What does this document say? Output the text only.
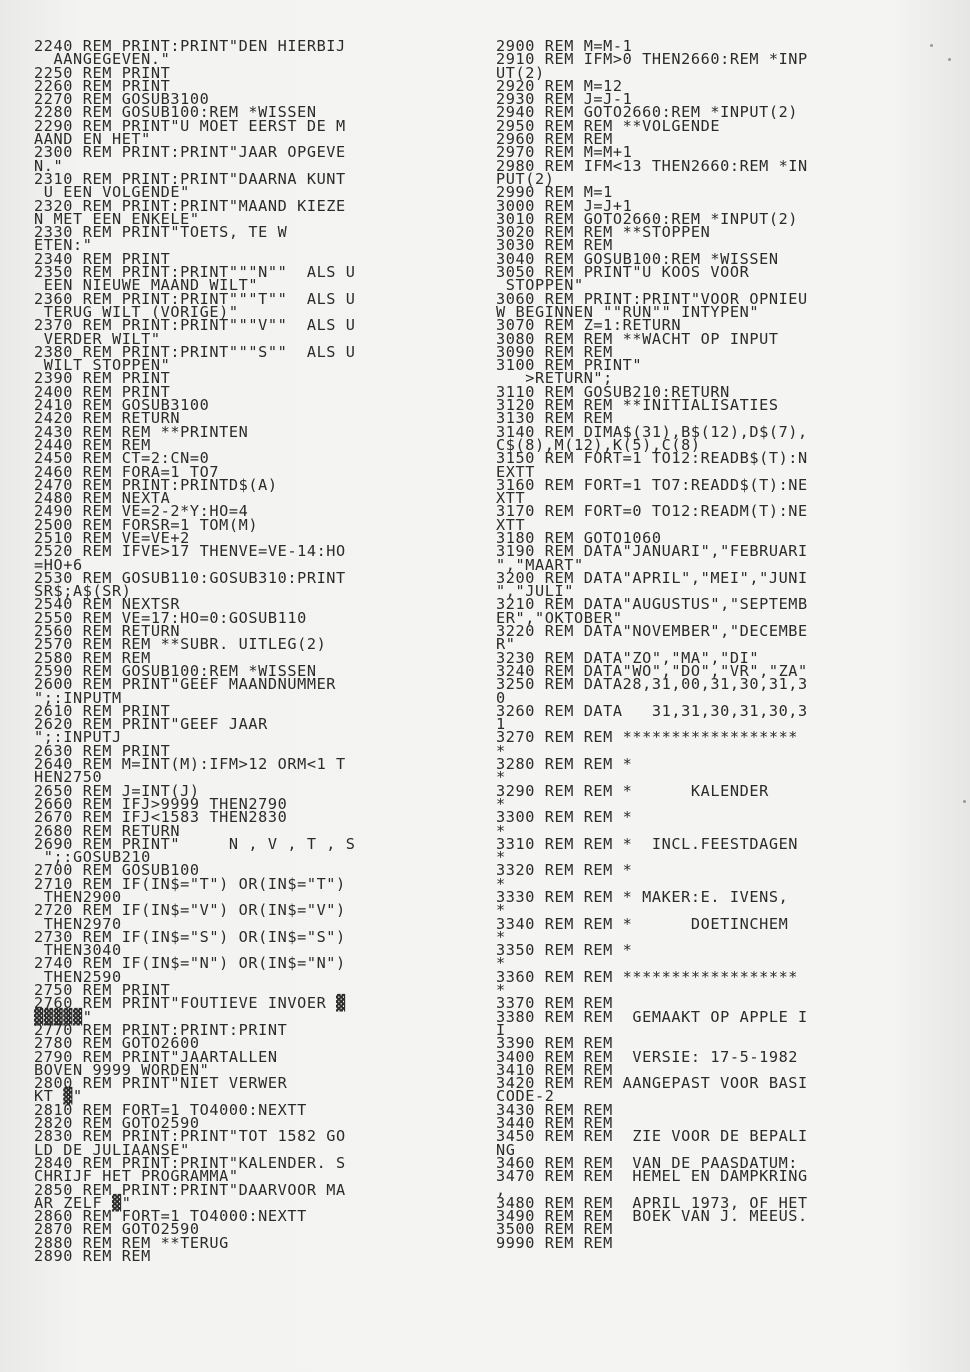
2240 REM PRINT:PRINT"DEN HIERBIJ
AANGEGEVEN."
2250 REM PRINT
2260 REM PRINT
2270 REM GOSUB3100
2280 REM GOSUB100:REM *WISSEN
2290 REM PRINT"U MOET EERST DE M
AAND EN HET"
2300 REM PRINT:PRINT"JAAR OPGEVE
N."
2310 REM PRINT:PRINT"DAARNA KUNT
U EEN VOLGENDE"
2320 REM PRINT:PRINT"MAAND KIEZE
N MET EEN ENKELE"
2330 REM PRINT"TOETS, TE W
ETEN:"
2340 REM PRINT
2350 REM PRINT:PRINT"""N""  ALS U
EEN NIEUWE MAAND WILT"
2360 REM PRINT:PRINT"""T""  ALS U
TERUG WILT (VORIGE)"
2370 REM PRINT:PRINT"""V""  ALS U
VERDER WILT"
2380 REM PRINT:PRINT"""S""  ALS U
WILT STOPPEN"
2390 REM PRINT
2400 REM PRINT
2410 REM GOSUB3100
2420 REM RETURN
2430 REM REM **PRINTEN
2440 REM REM
2450 REM CT=2:CN=0
2460 REM FORA=1 TO7
2470 REM PRINT:PRINTD$(A)
2480 REM NEXTA
2490 REM VE=2-2*Y:HO=4
2500 REM FORSR=1 TOM(M)
2510 REM VE=VE+2
2520 REM IFVE>17 THENVE=VE-14:HO
=HO+6
2530 REM GOSUB110:GOSUB310:PRINT
SR$;A$(SR)
2540 REM NEXTSR
2550 REM VE=17:HO=0:GOSUB110
2560 REM RETURN
2570 REM REM **SUBR. UITLEG(2)
2580 REM REM
2590 REM GOSUB100:REM *WISSEN
2600 REM PRINT"GEEF MAANDNUMMER
";:INPUTM
2610 REM PRINT
2620 REM PRINT"GEEF JAAR
";:INPUTJ
2630 REM PRINT
2640 REM M=INT(M):IFM>12 ORM<1 T
HEN2750
2650 REM J=INT(J)
2660 REM IFJ>9999 THEN2790
2670 REM IFJ<1583 THEN2830
2680 REM RETURN
2690 REM PRINT"     N , V , T , S
";:GOSUB210
2700 REM GOSUB100
2710 REM IF(IN$="T") OR(IN$="T")
THEN2900
2720 REM IF(IN$="V") OR(IN$="V")
THEN2970
2730 REM IF(IN$="S") OR(IN$="S")
THEN3040
2740 REM IF(IN$="N") OR(IN$="N")
THEN2590
2750 REM PRINT
2760 REM PRINT"FOUTIEVE INVOER ▓
▓▓▓▓▓"
2770 REM PRINT:PRINT:PRINT
2780 REM GOTO2600
2790 REM PRINT"JAARTALLEN
BOVEN 9999 WORDEN"
2800 REM PRINT"NIET VERWER
KT ▓"
2810 REM FORT=1 TO4000:NEXTT
2820 REM GOTO2590
2830 REM PRINT:PRINT"TOT 1582 GO
LD DE JULIAANSE"
2840 REM PRINT:PRINT"KALENDER. S
CHRIJF HET PROGRAMMA"
2850 REM PRINT:PRINT"DAARVOOR MA
AR ZELF ▓"
2860 REM FORT=1 TO4000:NEXTT
2870 REM GOTO2590
2880 REM REM **TERUG
2890 REM REM
2900 REM M=M-1
2910 REM IFM>0 THEN2660:REM *INP
UT(2)
2920 REM M=12
2930 REM J=J-1
2940 REM GOTO2660:REM *INPUT(2)
2950 REM REM **VOLGENDE
2960 REM REM
2970 REM M=M+1
2980 REM IFM<13 THEN2660:REM *IN
PUT(2)
2990 REM M=1
3000 REM J=J+1
3010 REM GOTO2660:REM *INPUT(2)
3020 REM REM **STOPPEN
3030 REM REM
3040 REM GOSUB100:REM *WISSEN
3050 REM PRINT"U KOOS VOOR
STOPPEN"
3060 REM PRINT:PRINT"VOOR OPNIEU
W BEGINNEN ""RUN"" INTYPEN"
3070 REM Z=1:RETURN
3080 REM REM **WACHT OP INPUT
3090 REM REM
3100 REM PRINT"
>RETURN";
3110 REM GOSUB210:RETURN
3120 REM REM **INITIALISATIES
3130 REM REM
3140 REM DIMA$(31),B$(12),D$(7),
C$(8),M(12),K(5),C(8)
3150 REM FORT=1 TO12:READB$(T):N
EXTT
3160 REM FORT=1 TO7:READD$(T):NE
XTT
3170 REM FORT=0 TO12:READM(T):NE
XTT
3180 REM GOTO1060
3190 REM DATA"JANUARI","FEBRUARI
","MAART"
3200 REM DATA"APRIL","MEI","JUNI
","JULI"
3210 REM DATA"AUGUSTUS","SEPTEMB
ER","OKTOBER"
3220 REM DATA"NOVEMBER","DECEMBE
R"
3230 REM DATA"ZO","MA","DI"
3240 REM DATA"WO","DO","VR","ZA"
3250 REM DATA28,31,00,31,30,31,3
0
3260 REM DATA   31,31,30,31,30,3
1
3270 REM REM ******************
*
3280 REM REM *
*
3290 REM REM *      KALENDER
*
3300 REM REM *
*
3310 REM REM *  INCL.FEESTDAGEN
*
3320 REM REM *
*
3330 REM REM * MAKER:E. IVENS,
*
3340 REM REM *      DOETINCHEM
*
3350 REM REM *
*
3360 REM REM ******************
*
3370 REM REM
3380 REM REM  GEMAAKT OP APPLE I
I
3390 REM REM
3400 REM REM  VERSIE: 17-5-1982
3410 REM REM
3420 REM REM AANGEPAST VOOR BASI
CODE-2
3430 REM REM
3440 REM REM
3450 REM REM  ZIE VOOR DE BEPALI
NG
3460 REM REM  VAN DE PAASDATUM:
3470 REM REM  HEMEL EN DAMPKRING
,
3480 REM REM  APRIL 1973, OF HET
3490 REM REM  BOEK VAN J. MEEUS.
3500 REM REM
9990 REM REM
